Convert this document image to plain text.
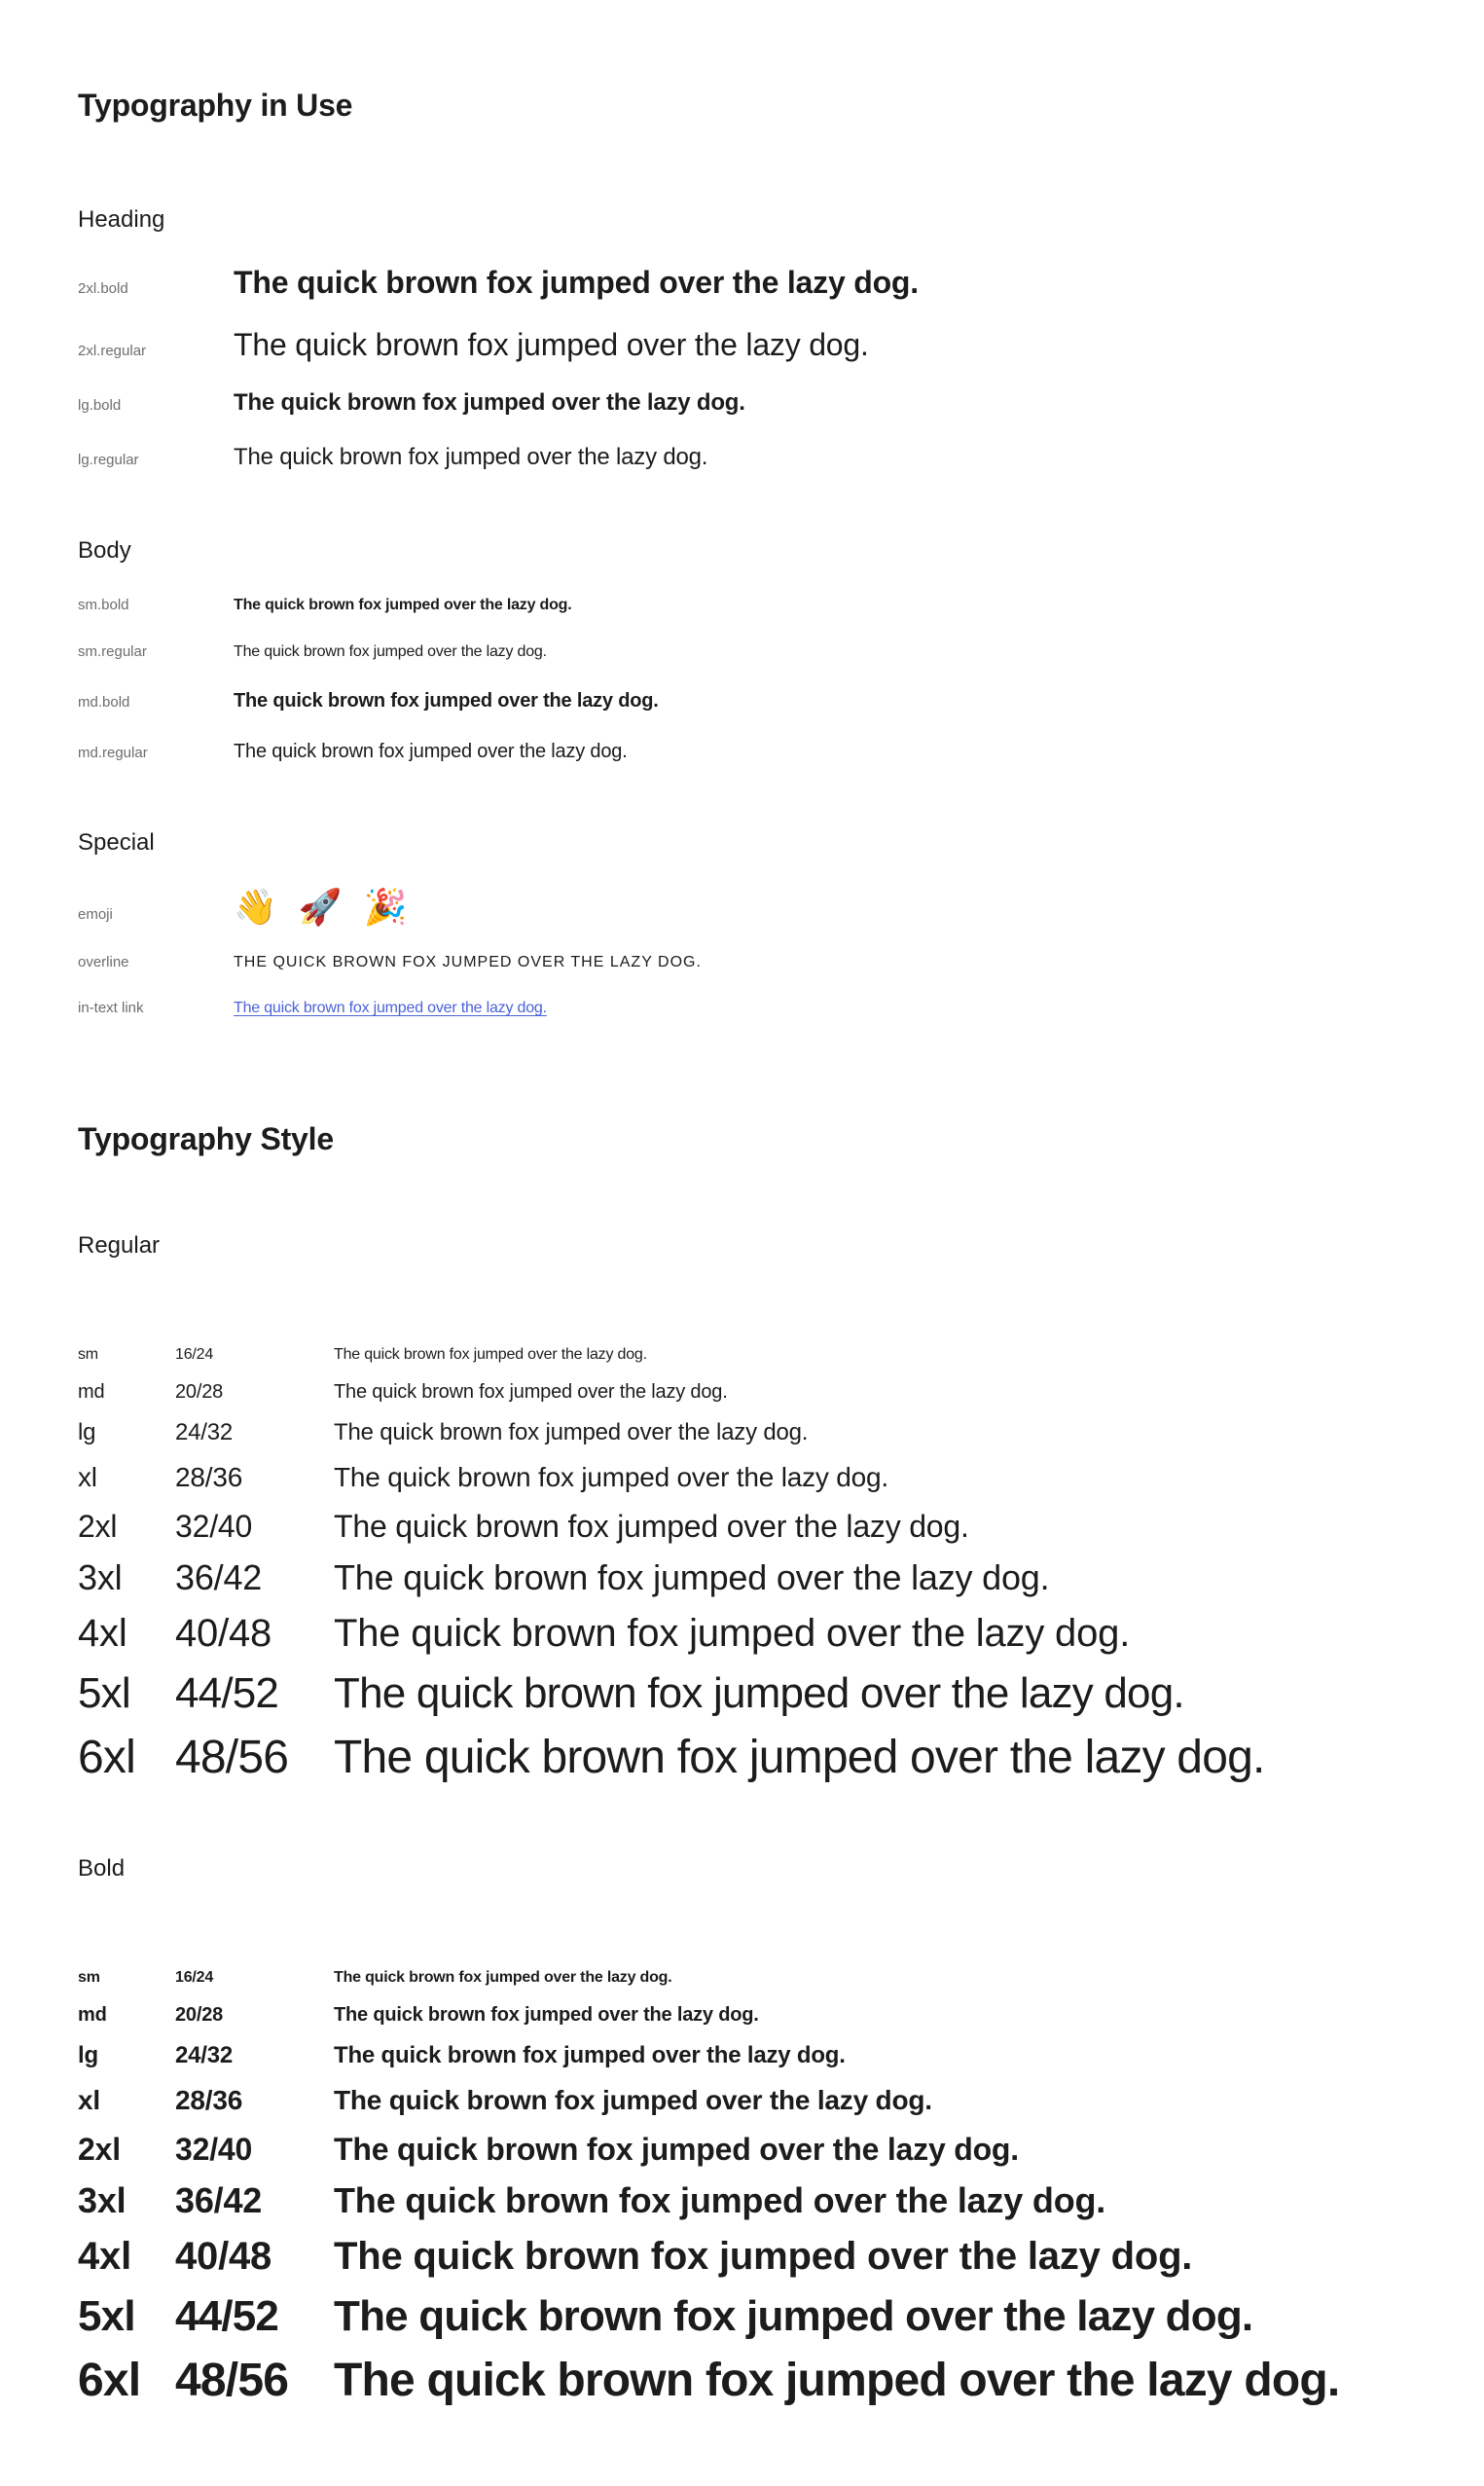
Typography in Use
Heading
2xl.bold	The quick brown fox jumped over the lazy dog.
2xl.regular	The quick brown fox jumped over the lazy dog.
lg.bold	The quick brown fox jumped over the lazy dog.
lg.regular	The quick brown fox jumped over the lazy dog.
Body
sm.bold	The quick brown fox jumped over the lazy dog.
sm.regular	The quick brown fox jumped over the lazy dog.
md.bold	The quick brown fox jumped over the lazy dog.
md.regular	The quick brown fox jumped over the lazy dog.
Special
emoji	👋 🚀 🎉
overline	THE QUICK BROWN FOX JUMPED OVER THE LAZY DOG.
in-text link	The quick brown fox jumped over the lazy dog.
Typography Style
Regular
sm	16/24	The quick brown fox jumped over the lazy dog.
md	20/28	The quick brown fox jumped over the lazy dog.
lg	24/32	The quick brown fox jumped over the lazy dog.
xl	28/36	The quick brown fox jumped over the lazy dog.
2xl	32/40	The quick brown fox jumped over the lazy dog.
3xl	36/42	The quick brown fox jumped over the lazy dog.
4xl	40/48	The quick brown fox jumped over the lazy dog.
5xl	44/52	The quick brown fox jumped over the lazy dog.
6xl 48/56 The quick brown fox jumped over the lazy dog.
Bold
sm	16/24	The quick brown fox jumped over the lazy dog.
md	20/28	The quick brown fox jumped over the lazy dog.
lg	24/32	The quick brown fox jumped over the lazy dog.
xl	28/36	The quick brown fox jumped over the lazy dog.
2xl	32/40	The quick brown fox jumped over the lazy dog.
3xl	36/42	The quick brown fox jumped over the lazy dog.
4xl	40/48	The quick brown fox jumped over the lazy dog.
5xl 44/52	The quick brown fox jumped over the lazy dog.
6xl 48/56 The quick brown fox jumped over the lazy dog.
